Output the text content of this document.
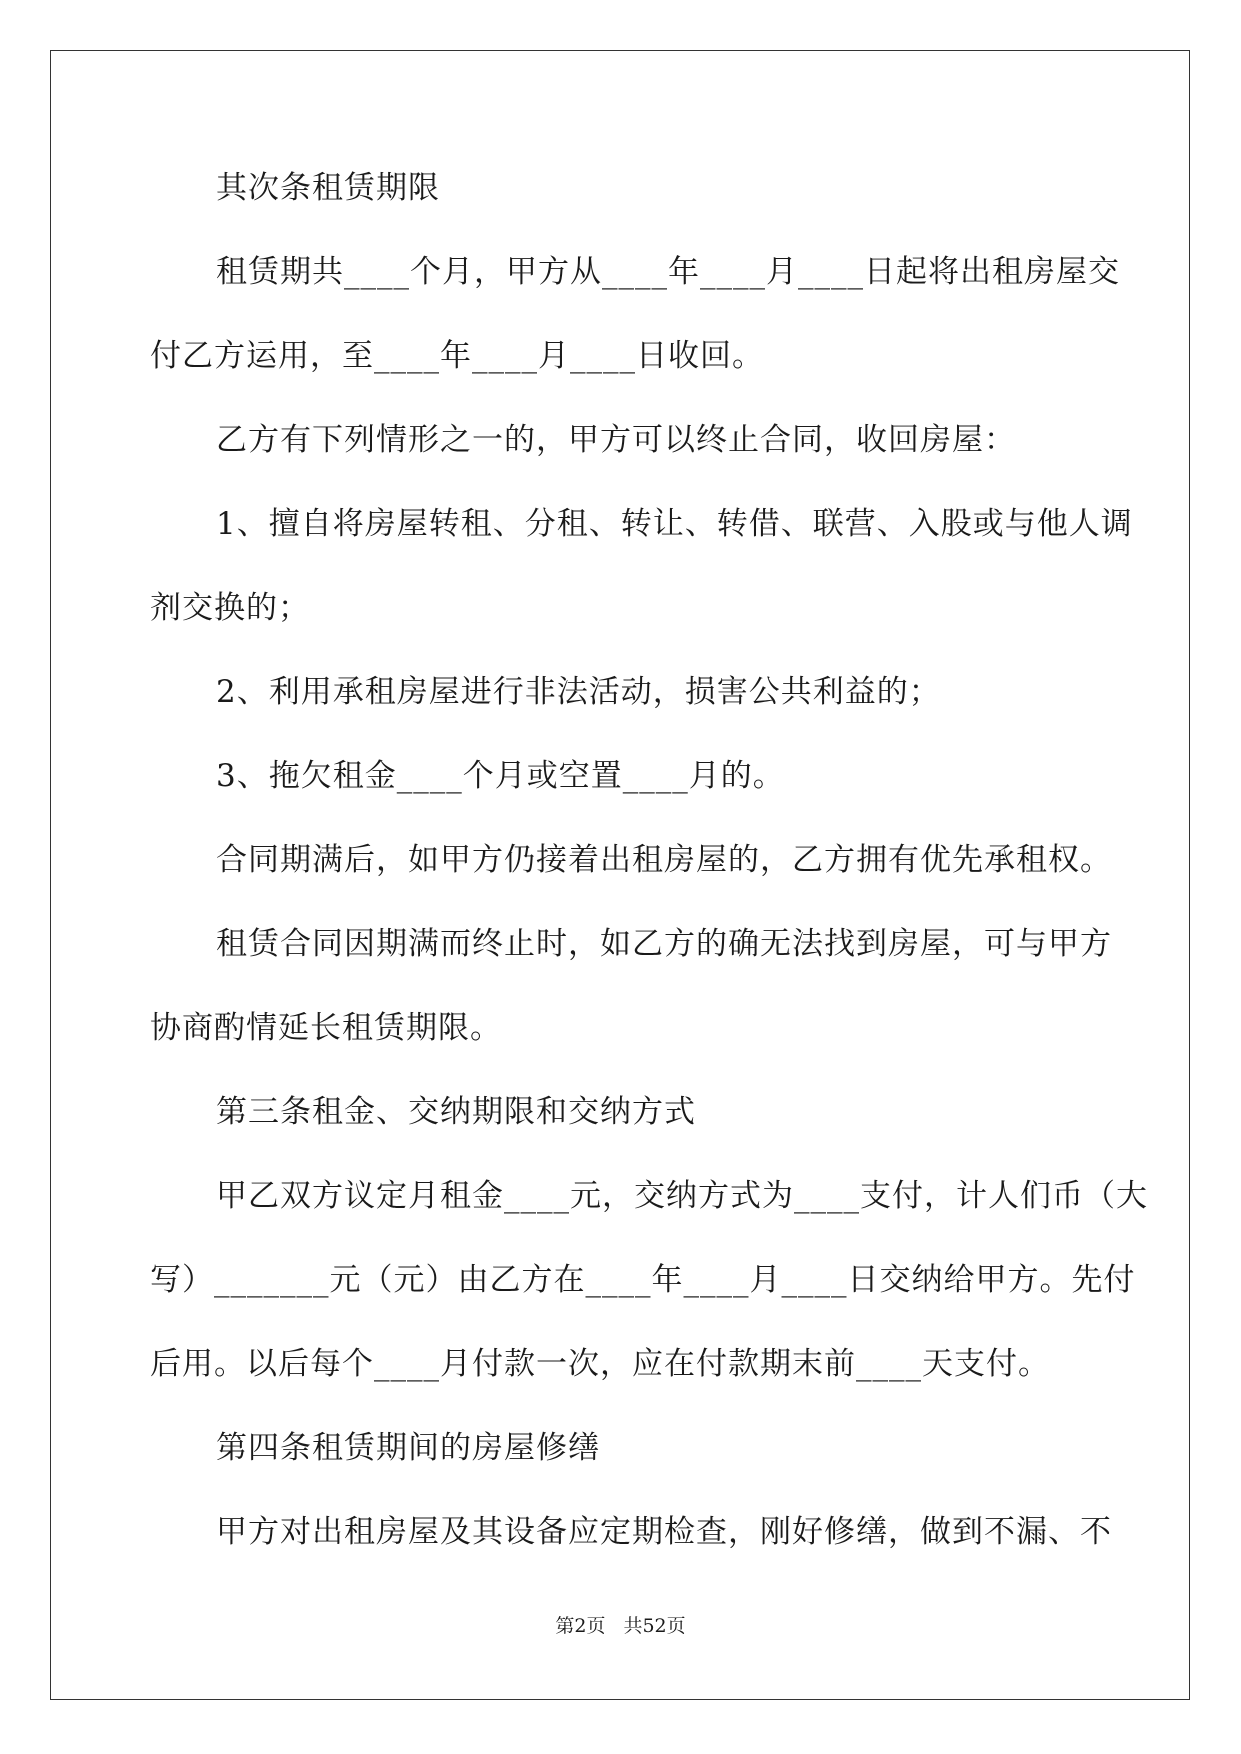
其次条租赁期限
租赁期共____个月，甲方从____年____月____日起将出租房屋交
付乙方运用，至____年____月____日收回。
乙方有下列情形之一的，甲方可以终止合同，收回房屋：
1、擅自将房屋转租、分租、转让、转借、联营、入股或与他人调
剂交换的；
2、利用承租房屋进行非法活动，损害公共利益的；
3、拖欠租金____个月或空置____月的。
合同期满后，如甲方仍接着出租房屋的，乙方拥有优先承租权。
租赁合同因期满而终止时，如乙方的确无法找到房屋，可与甲方
协商酌情延长租赁期限。
第三条租金、交纳期限和交纳方式
甲乙双方议定月租金____元，交纳方式为____支付，计人们币（大
写）_______元（元）由乙方在____年____月____日交纳给甲方。先付
后用。以后每个____月付款一次，应在付款期末前____天支付。
第四条租赁期间的房屋修缮
甲方对出租房屋及其设备应定期检查，刚好修缮，做到不漏、不
第2页 共52页
